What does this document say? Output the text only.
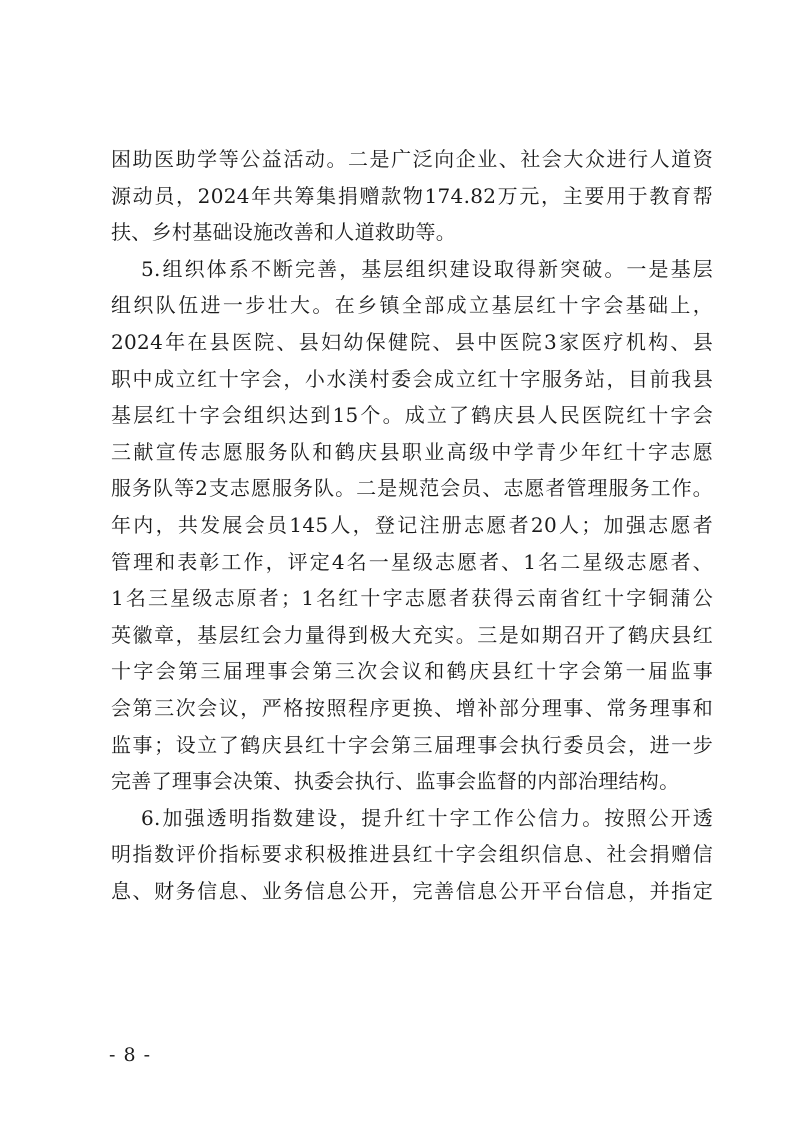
困助医助学等公益活动。二是广泛向企业、社会大众进行人道资
源动员，2024年共筹集捐赠款物174.82万元，主要用于教育帮
扶、乡村基础设施改善和人道救助等。
5.组织体系不断完善，基层组织建设取得新突破。一是基层
组织队伍进一步壮大。在乡镇全部成立基层红十字会基础上，
2024年在县医院、县妇幼保健院、县中医院3家医疗机构、县
职中成立红十字会，小水渼村委会成立红十字服务站，目前我县
基层红十字会组织达到15个。成立了鹤庆县人民医院红十字会
三献宣传志愿服务队和鹤庆县职业高级中学青少年红十字志愿
服务队等2支志愿服务队。二是规范会员、志愿者管理服务工作。
年内，共发展会员145人，登记注册志愿者20人；加强志愿者
管理和表彰工作，评定4名一星级志愿者、1名二星级志愿者、
1名三星级志原者；1名红十字志愿者获得云南省红十字铜蒲公
英徽章，基层红会力量得到极大充实。三是如期召开了鹤庆县红
十字会第三届理事会第三次会议和鹤庆县红十字会第一届监事
会第三次会议，严格按照程序更换、增补部分理事、常务理事和
监事；设立了鹤庆县红十字会第三届理事会执行委员会，进一步
完善了理事会决策、执委会执行、监事会监督的内部治理结构。
6.加强透明指数建设，提升红十字工作公信力。按照公开透
明指数评价指标要求积极推进县红十字会组织信息、社会捐赠信
息、财务信息、业务信息公开，完善信息公开平台信息，并指定
- 8 -
